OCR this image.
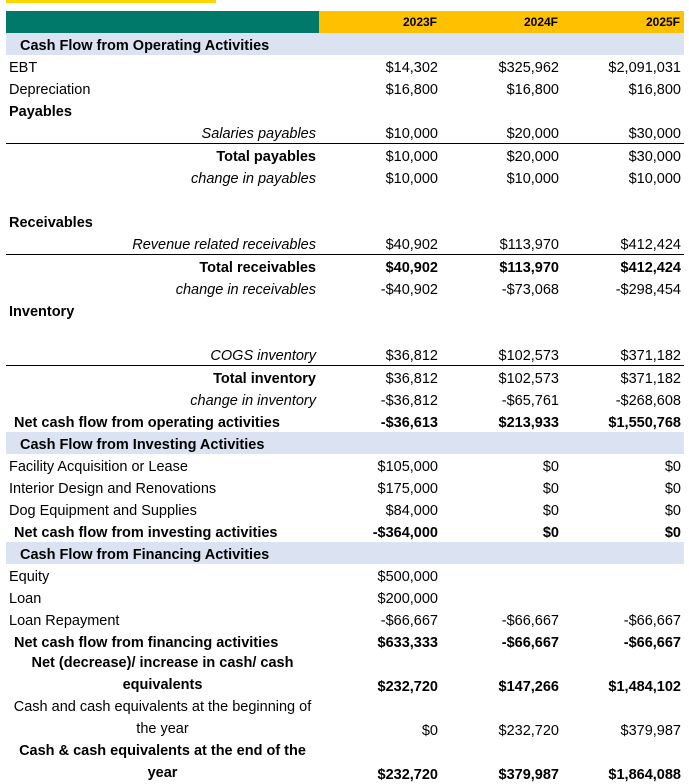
	2023F	2024F	2025F
Cash Flow from Operating Activities			
EBT	$14,302	$325,962	$2,091,031
Depreciation	$16,800	$16,800	$16,800
Payables			
Salaries payables	$10,000	$20,000	$30,000
Total payables	$10,000	$20,000	$30,000
change in payables	$10,000	$10,000	$10,000

Receivables			
Revenue related receivables	$40,902	$113,970	$412,424
Total receivables	$40,902	$113,970	$412,424
change in receivables	-$40,902	-$73,068	-$298,454
Inventory			

COGS inventory	$36,812	$102,573	$371,182
Total inventory	$36,812	$102,573	$371,182
change in inventory	-$36,812	-$65,761	-$268,608
Net cash flow from operating activities	-$36,613	$213,933	$1,550,768
Cash Flow from Investing Activities			
Facility Acquisition or Lease	$105,000	$0	$0
Interior Design and Renovations	$175,000	$0	$0
Dog Equipment and Supplies	$84,000	$0	$0
Net cash flow from investing activities	-$364,000	$0	$0
Cash Flow from Financing Activities			
Equity	$500,000		
Loan	$200,000		
Loan Repayment	-$66,667	-$66,667	-$66,667
Net cash flow from financing activities	$633,333	-$66,667	-$66,667
Net (decrease)/ increase in cash/ cash equivalents	$232,720	$147,266	$1,484,102
Cash and cash equivalents at the beginning of the year	$0	$232,720	$379,987
Cash & cash equivalents at the end of the year	$232,720	$379,987	$1,864,088
